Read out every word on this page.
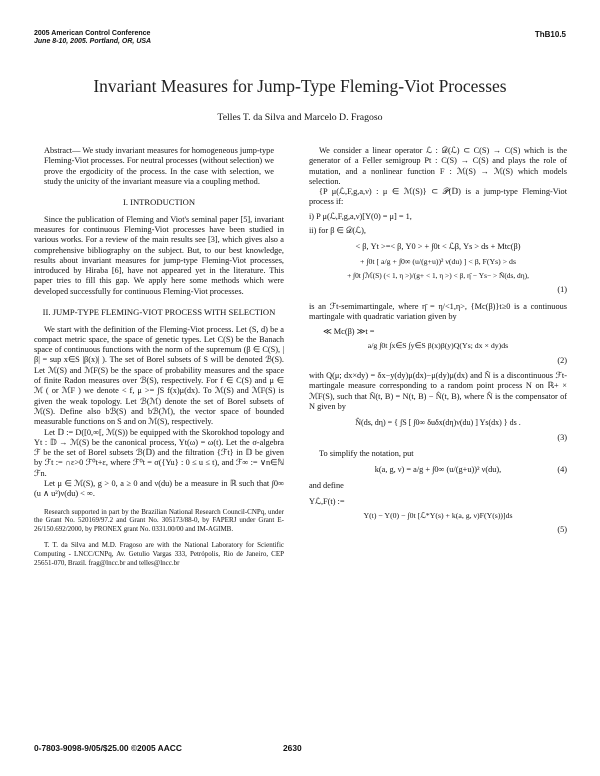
2005 American Control Conference
June 8-10, 2005. Portland, OR, USA
ThB10.5
Invariant Measures for Jump-Type Fleming-Viot Processes
Telles T. da Silva and Marcelo D. Fragoso

Abstract— We study invariant measures for homogeneous jump-type Fleming-Viot processes. For neutral processes (without selection) we prove the ergodicity of the process. In the case with selection, we study the unicity of the invariant measure via a coupling method.

I. INTRODUCTION

Since the publication of Fleming and Viot's seminal paper [5], invariant measures for continuous Fleming-Viot processes have been studied in various works. For a review of the main results see [3], which gives also a comprehensive bibliography on the subject. But, to our best knowledge, results about invariant measures for jump-type Fleming-Viot processes, introduced by Hiraba [6], have not appeared yet in the literature. This paper tries to fill this gap. We apply here some methods which were developed successfully for continuous Fleming-Viot processes.

II. JUMP-TYPE FLEMING-VIOT PROCESS WITH SELECTION

We start with the definition of the Fleming-Viot process. Let (S, d) be a compact metric space, the space of genetic types. Let C(S) be the Banach space of continuous functions with the norm of the supremum (β ∈ C(S), |β| = sup x∈S |β(x)| ). The set of Borel subsets of S will be denoted ℬ(S). Let ℳ(S) and ℳF(S) be the space of probability measures and the space of finite Radon measures over ℬ(S), respectively. For f ∈ C(S) and μ ∈ ℳ ( or ℳF ) we denote < f, μ >= ∫S f(x)μ(dx). To ℳ(S) and ℳF(S) is given the weak topology. Let ℬ(ℳ) denote the set of Borel subsets of ℳ(S). Define also bℬ(S) and bℬ(ℳ), the vector space of bounded measurable functions on S and on ℳ(S), respectively.

Let 𝔻 := D([0,∞[, ℳ(S)) be equipped with the Skorokhod topology and Yt : 𝔻 → ℳ(S) be the canonical process, Yt(ω) = ω(t). Let the σ-algebra ℱ be the set of Borel subsets ℬ(𝔻) and the filtration {ℱt} in 𝔻 be given by ℱt := ∩ε>0 ℱ⁰t+ε, where ℱ⁰t = σ({Yu} : 0 ≤ u ≤ t), and ℱ∞ := ∨n∈ℕ ℱn.

Let μ ∈ ℳ(S), g > 0, a ≥ 0 and ν(du) be a measure in ℝ such that ∫0∞ (u ∧ u²)ν(du) < ∞.

Research supported in part by the Brazilian National Research Council-CNPq, under the Grant No. 520169/97.2 and Grant No. 305173/88-0, by FAPERJ under Grant E-26/150.692/2000, by PRONEX grant No. 0331.00/00 and IM-AGIMB.

T. T. da Silva and M.D. Fragoso are with the National Laboratory for Scientific Computing - LNCC/CNPq, Av. Getulio Vargas 333, Petrópolis, Rio de Janeiro, CEP 25651-070, Brazil. frag@lncc.br and telles@lncc.br

We consider a linear operator ℒ : 𝒟(ℒ) ⊂ C(S) → C(S) which is the generator of a Feller semigroup Pt : C(S) → C(S) and plays the role of mutation, and a nonlinear function F : ℳ(S) → ℳ(S) which models selection.

{P μ(ℒ,F,g,a,ν) : μ ∈ ℳ(S)} ⊂ 𝒫(𝔻) is a jump-type Fleming-Viot process if:

i) P μ(ℒ,F,g,a,ν)[Y(0) = μ] = 1,

ii) for β ∈ 𝒟(ℒ),

< β, Yt >=< β, Y0 > + ∫0t < ℒβ, Ys > ds + Mtc(β)

+ ∫0t [ a/g + ∫0∞ (u/(g+u))² ν(du) ] < β, F(Ys) > ds

+ ∫0t ∫ℳ(S) (< 1, η >)/(g+ < 1, η >) < β, η̄ − Ys− > Ñ(ds, dη),

(1)

is an ℱt-semimartingale, where η̄ = η/<1,η>, {Mc(β)}t≥0 is a continuous martingale with quadratic variation given by

≪ Mc(β) ≫t =

a/g ∫0t ∫x∈S ∫y∈S β(x)β(y)Q(Ys; dx × dy)ds

(2)

with Q(μ; dx×dy) = δx−y(dy)μ(dx)−μ(dy)μ(dx) and Ñ is a discontinuous ℱt-martingale measure corresponding to a random point process N on ℝ+ × ℳF(S), such that Ñ(t, B) = N(t, B) − N̂(t, B), where N̂ is the compensator of N given by

N̂(ds, dη) = { ∫S [ ∫0∞ δuδx(dη)ν(du) ] Ys(dx) } ds .

(3)

To simplify the notation, put

k(a, g, ν) = a/g + ∫0∞ (u/(g+u))² ν(du),	(4)

and define

Yℒ,F(t) :=

Y(t) − Y(0) − ∫0t [ℒ*Y(s) + k(a, g, ν)F(Y(s))]ds

(5)
0-7803-9098-9/05/$25.00 ©2005 AACC	2630
